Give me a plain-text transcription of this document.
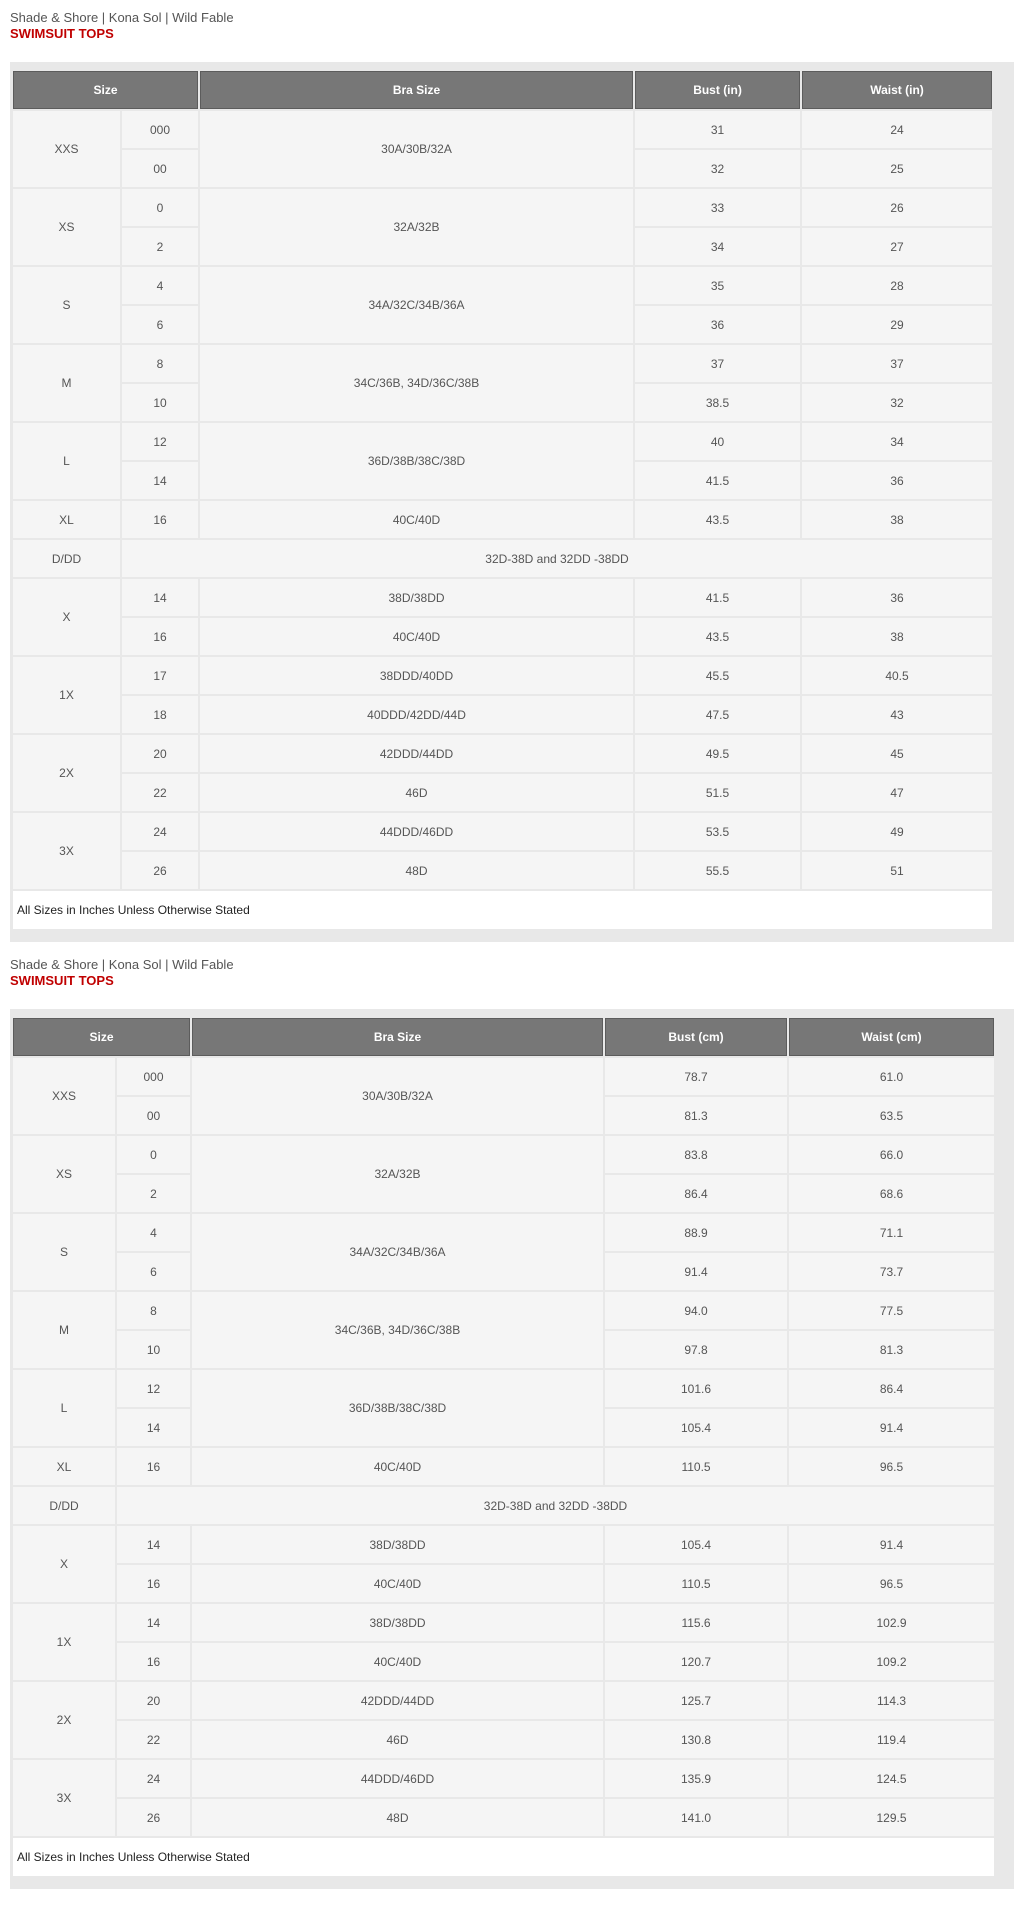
Shade & Shore | Kona Sol | Wild Fable
SWIMSUIT TOPS
Size		Bra Size	Bust (in)	Waist (in)
XXS	000	30A/30B/32A	31	24
	00		32	25
XS	0	32A/32B	33	26
	2		34	27
S	4	34A/32C/34B/36A	35	28
	6		36	29
M	8	34C/36B, 34D/36C/38B	37	37
	10		38.5	32
L	12	36D/38B/38C/38D	40	34
	14		41.5	36
XL	16	40C/40D	43.5	38
D/DD	32D-38D and 32DD -38DD			
X	14	38D/38DD	41.5	36
	16	40C/40D	43.5	38
1X	17	38DDD/40DD	45.5	40.5
	18	40DDD/42DD/44D	47.5	43
2X	20	42DDD/44DD	49.5	45
	22	46D	51.5	47
3X	24	44DDD/46DD	53.5	49
	26	48D	55.5	51
All Sizes in Inches Unless Otherwise Stated				
Shade & Shore | Kona Sol | Wild Fable
SWIMSUIT TOPS
Size		Bra Size	Bust (cm)	Waist (cm)
XXS	000	30A/30B/32A	78.7	61.0
	00		81.3	63.5
XS	0	32A/32B	83.8	66.0
	2		86.4	68.6
S	4	34A/32C/34B/36A	88.9	71.1
	6		91.4	73.7
M	8	34C/36B, 34D/36C/38B	94.0	77.5
	10		97.8	81.3
L	12	36D/38B/38C/38D	101.6	86.4
	14		105.4	91.4
XL	16	40C/40D	110.5	96.5
D/DD	32D-38D and 32DD -38DD			
X	14	38D/38DD	105.4	91.4
	16	40C/40D	110.5	96.5
1X	14	38D/38DD	115.6	102.9
	16	40C/40D	120.7	109.2
2X	20	42DDD/44DD	125.7	114.3
	22	46D	130.8	119.4
3X	24	44DDD/46DD	135.9	124.5
	26	48D	141.0	129.5
All Sizes in Inches Unless Otherwise Stated				
